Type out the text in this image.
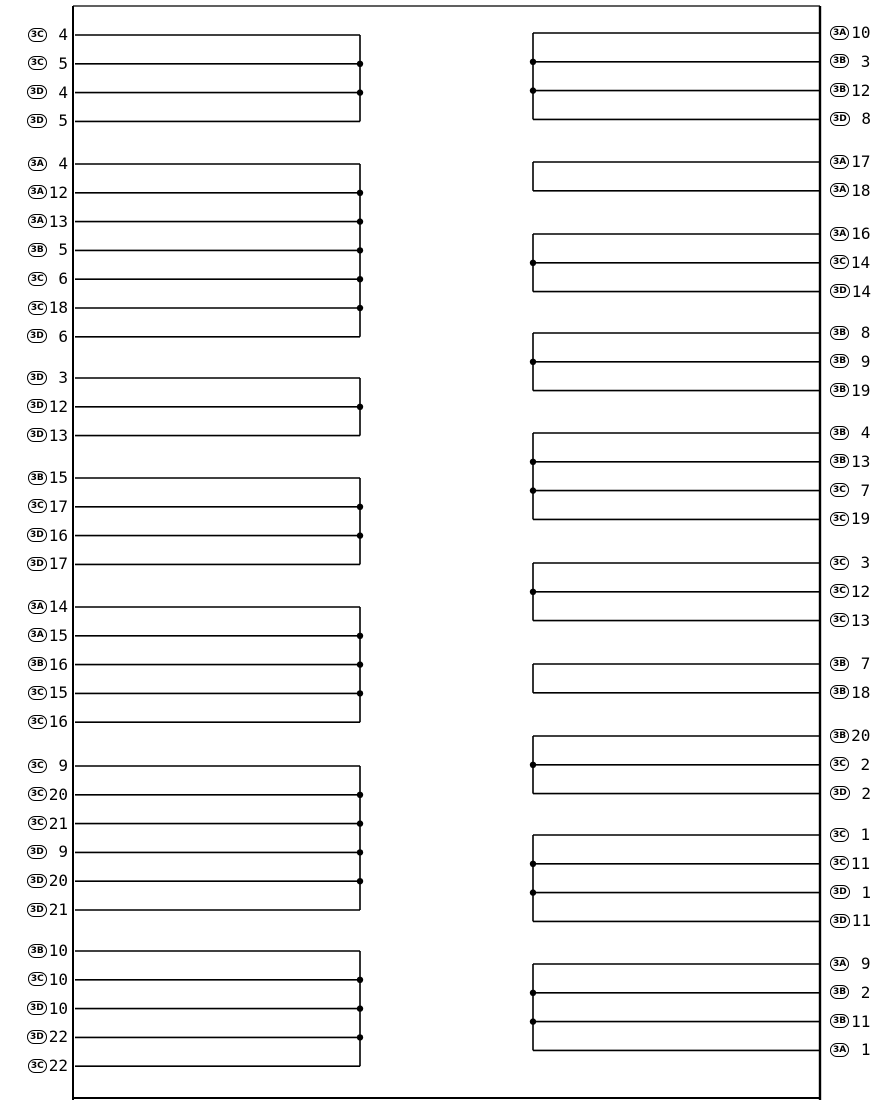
3C 4
3C 5
3D 4
3D 5
3A 4
3A 12
3A 13
3B 5
3C 6
3C 18
3D 6
3D 3
3D 12
3D 13
3B 15
3C 17
3D 16
3D 17
3A 14
3A 15
3B 16
3C 15
3C 16
3C 9
3C 20
3C 21
3D 9
3D 20
3D 21
3B 10
3C 10
3D 10
3D 22
3C 22
3A 10
3B 3
3B 12
3D 8
3A 17
3A 18
3A 16
3C 14
3D 14
3B 8
3B 9
3B 19
3B 4
3B 13
3C 7
3C 19
3C 3
3C 12
3C 13
3B 7
3B 18
3B 20
3C 2
3D 2
3C 1
3C 11
3D 1
3D 11
3A 9
3B 2
3B 11
3A 1
